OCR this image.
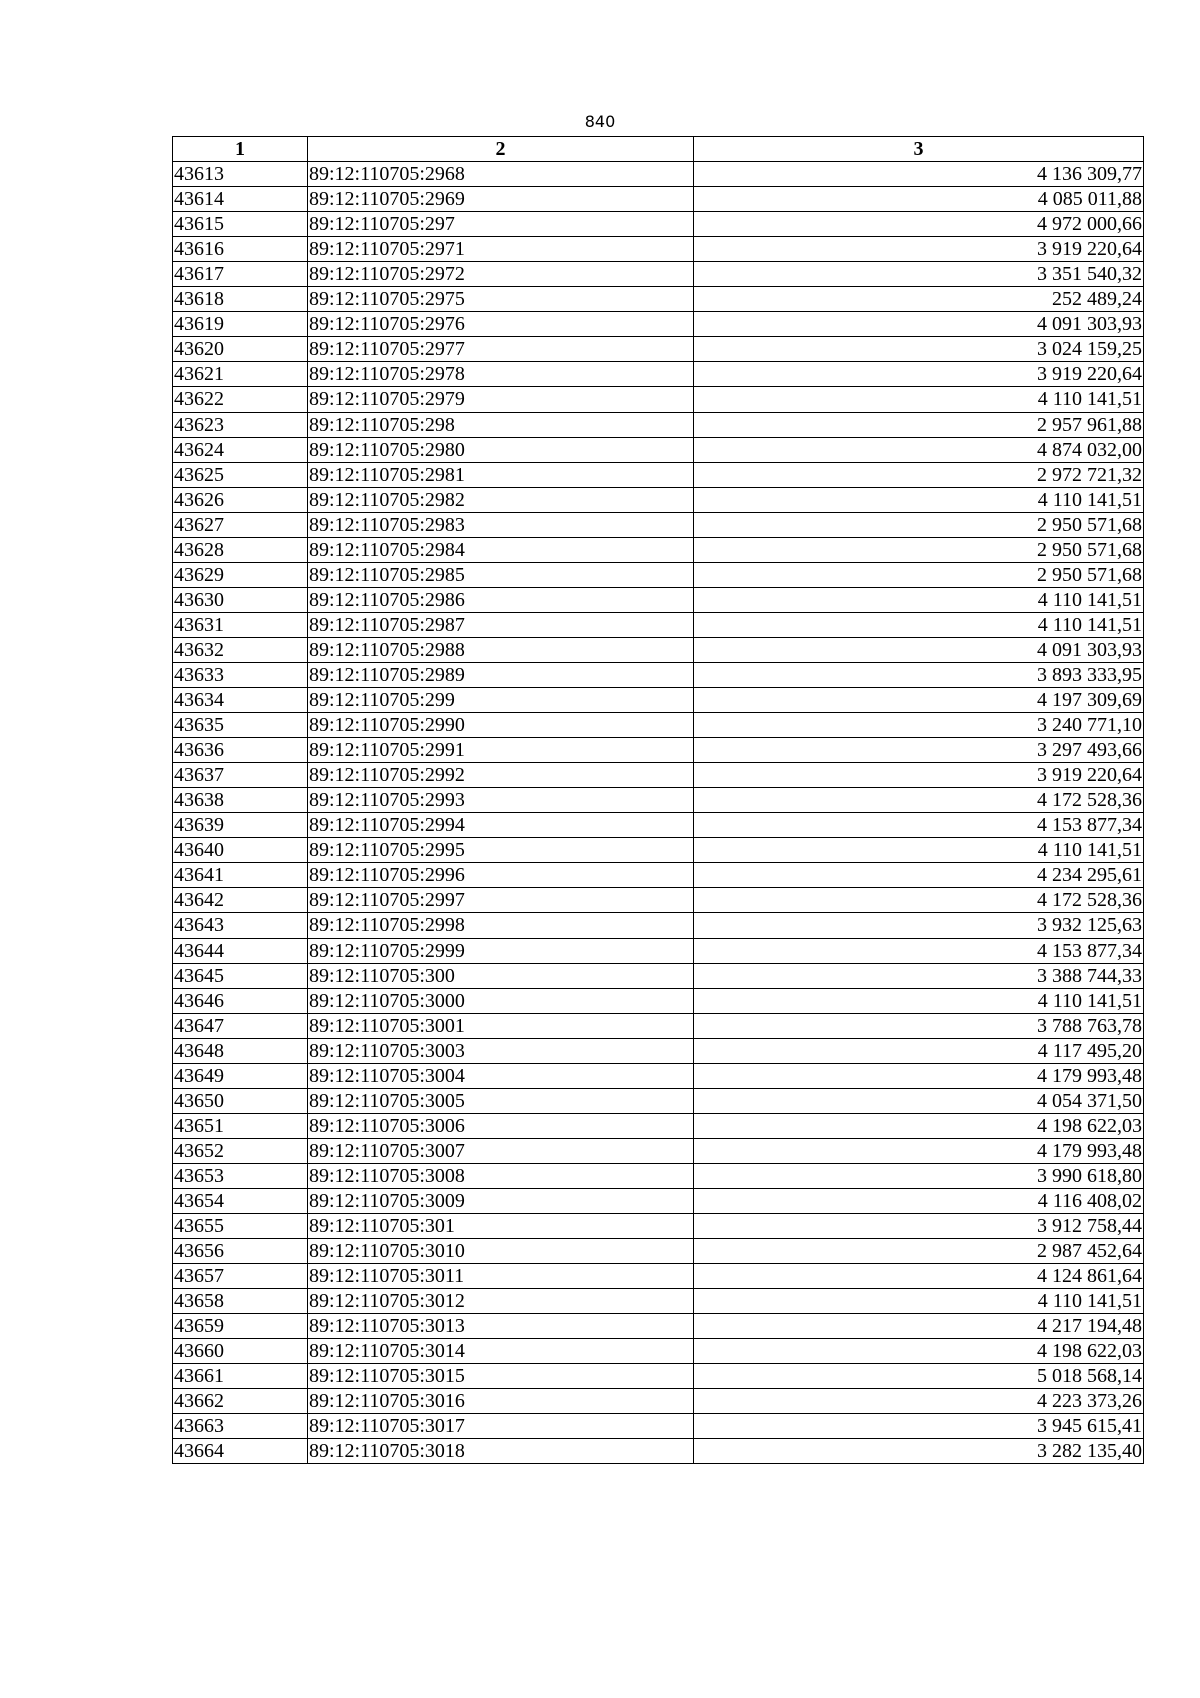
840
1	2	3
43613	89:12:110705:2968	4 136 309,77
43614	89:12:110705:2969	4 085 011,88
43615	89:12:110705:297	4 972 000,66
43616	89:12:110705:2971	3 919 220,64
43617	89:12:110705:2972	3 351 540,32
43618	89:12:110705:2975	252 489,24
43619	89:12:110705:2976	4 091 303,93
43620	89:12:110705:2977	3 024 159,25
43621	89:12:110705:2978	3 919 220,64
43622	89:12:110705:2979	4 110 141,51
43623	89:12:110705:298	2 957 961,88
43624	89:12:110705:2980	4 874 032,00
43625	89:12:110705:2981	2 972 721,32
43626	89:12:110705:2982	4 110 141,51
43627	89:12:110705:2983	2 950 571,68
43628	89:12:110705:2984	2 950 571,68
43629	89:12:110705:2985	2 950 571,68
43630	89:12:110705:2986	4 110 141,51
43631	89:12:110705:2987	4 110 141,51
43632	89:12:110705:2988	4 091 303,93
43633	89:12:110705:2989	3 893 333,95
43634	89:12:110705:299	4 197 309,69
43635	89:12:110705:2990	3 240 771,10
43636	89:12:110705:2991	3 297 493,66
43637	89:12:110705:2992	3 919 220,64
43638	89:12:110705:2993	4 172 528,36
43639	89:12:110705:2994	4 153 877,34
43640	89:12:110705:2995	4 110 141,51
43641	89:12:110705:2996	4 234 295,61
43642	89:12:110705:2997	4 172 528,36
43643	89:12:110705:2998	3 932 125,63
43644	89:12:110705:2999	4 153 877,34
43645	89:12:110705:300	3 388 744,33
43646	89:12:110705:3000	4 110 141,51
43647	89:12:110705:3001	3 788 763,78
43648	89:12:110705:3003	4 117 495,20
43649	89:12:110705:3004	4 179 993,48
43650	89:12:110705:3005	4 054 371,50
43651	89:12:110705:3006	4 198 622,03
43652	89:12:110705:3007	4 179 993,48
43653	89:12:110705:3008	3 990 618,80
43654	89:12:110705:3009	4 116 408,02
43655	89:12:110705:301	3 912 758,44
43656	89:12:110705:3010	2 987 452,64
43657	89:12:110705:3011	4 124 861,64
43658	89:12:110705:3012	4 110 141,51
43659	89:12:110705:3013	4 217 194,48
43660	89:12:110705:3014	4 198 622,03
43661	89:12:110705:3015	5 018 568,14
43662	89:12:110705:3016	4 223 373,26
43663	89:12:110705:3017	3 945 615,41
43664	89:12:110705:3018	3 282 135,40
